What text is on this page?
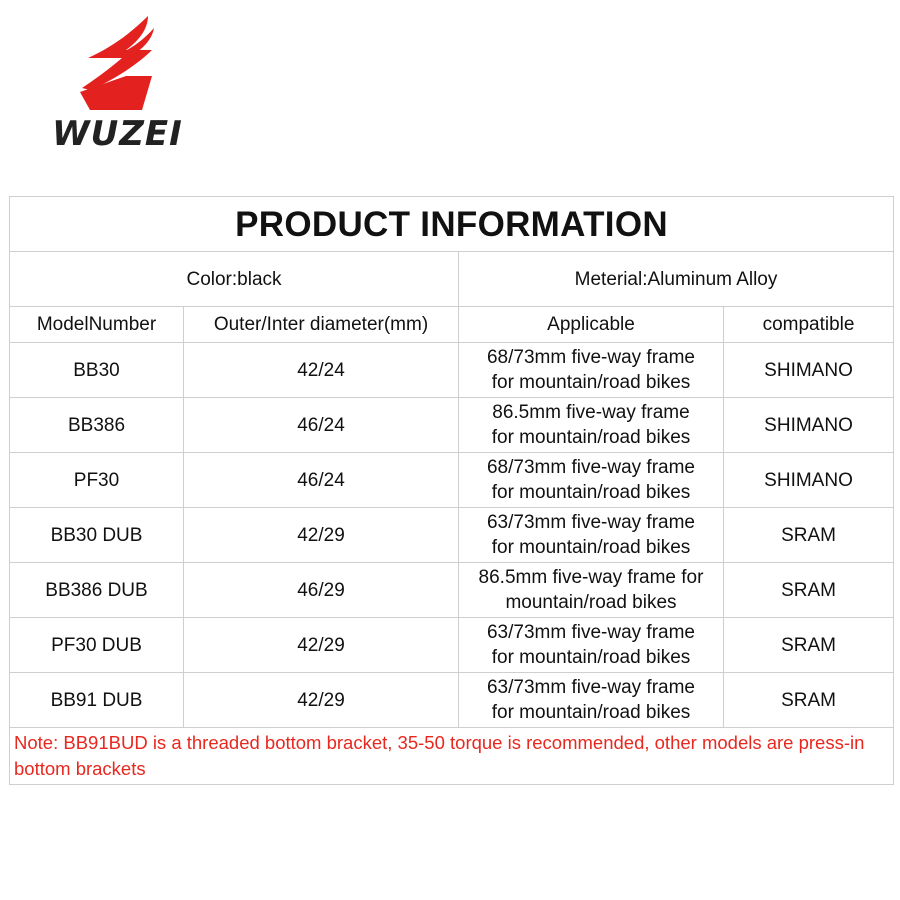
WUZEI
PRODUCT INFORMATION			
Color:black		Meterial:Aluminum Alloy	
ModelNumber	Outer/Inter diameter(mm)	Applicable	compatible
BB30	42/24	68/73mm five-way frame
for mountain/road bikes	SHIMANO
BB386	46/24	86.5mm five-way frame
for mountain/road bikes	SHIMANO
PF30	46/24	68/73mm five-way frame
for mountain/road bikes	SHIMANO
BB30 DUB	42/29	63/73mm five-way frame
for mountain/road bikes	SRAM
BB386 DUB	46/29	86.5mm five-way frame for
mountain/road bikes	SRAM
PF30 DUB	42/29	63/73mm five-way frame
for mountain/road bikes	SRAM
BB91 DUB	42/29	63/73mm five-way frame
for mountain/road bikes	SRAM
Note: BB91BUD is a threaded bottom bracket, 35-50 torque is recommended, other models are press-in bottom brackets			
